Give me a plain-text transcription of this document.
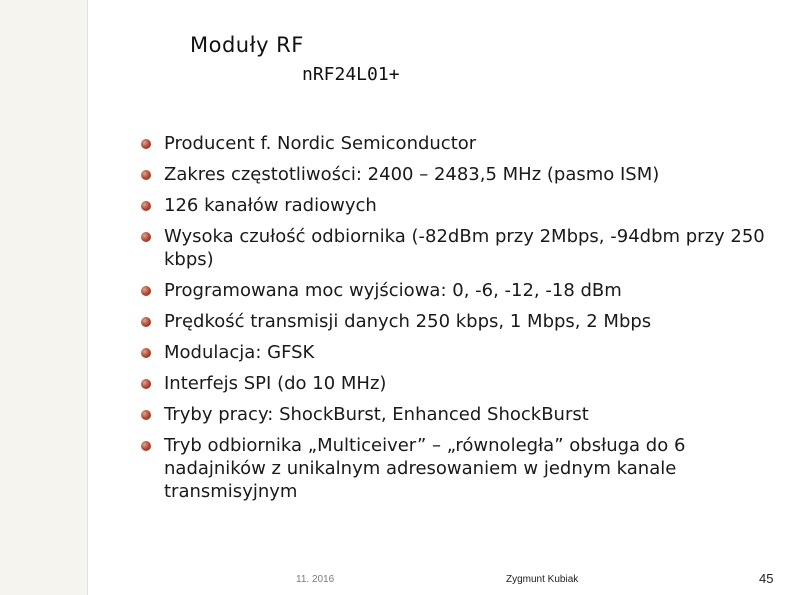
Moduły RF
nRF24L01+
Producent f. Nordic Semiconductor
Zakres częstotliwości: 2400 – 2483,5 MHz (pasmo ISM)
126 kanałów radiowych
Wysoka czułość odbiornika (-82dBm przy 2Mbps, -94dbm przy 250 kbps)
Programowana moc wyjściowa: 0, -6, -12, -18 dBm
Prędkość transmisji danych 250 kbps, 1 Mbps, 2 Mbps
Modulacja: GFSK
Interfejs SPI (do 10 MHz)
Tryby pracy: ShockBurst, Enhanced ShockBurst
Tryb odbiornika „Multiceiver” – „równoległa” obsługa do 6 nadajników z unikalnym adresowaniem w jednym kanale transmisyjnym
11. 2016	Zygmunt Kubiak	45
